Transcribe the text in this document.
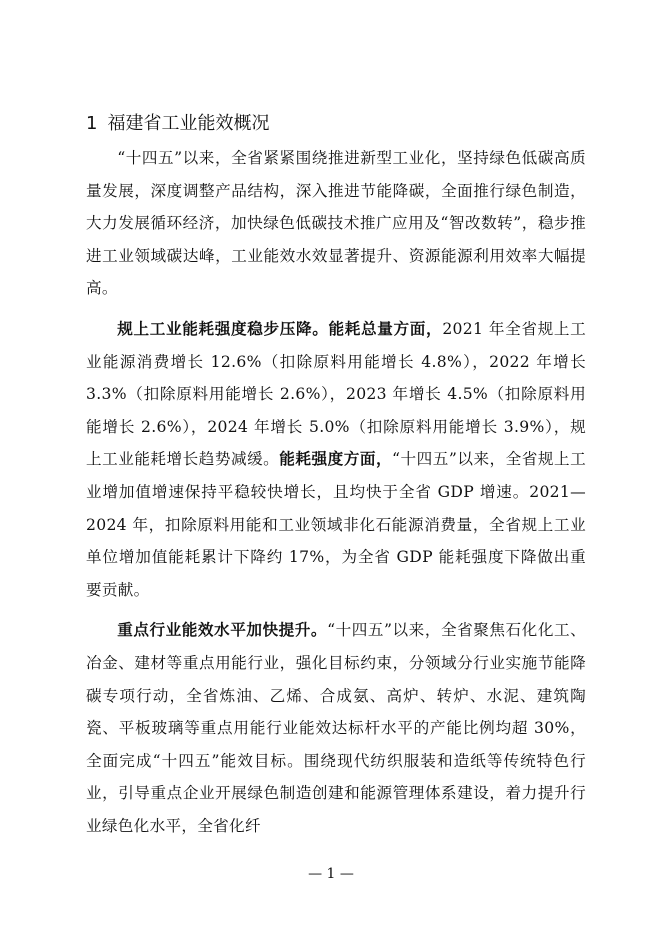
1 福建省工业能效概况

“十四五”以来，全省紧紧围绕推进新型工业化，坚持绿色低碳高质量发展，深度调整产品结构，深入推进节能降碳，全面推行绿色制造，大力发展循环经济，加快绿色低碳技术推广应用及“智改数转”，稳步推进工业领域碳达峰，工业能效水效显著提升、资源能源利用效率大幅提高。

规上工业能耗强度稳步压降。能耗总量方面，2021 年全省规上工业能源消费增长 12.6%（扣除原料用能增长 4.8%），2022 年增长 3.3%（扣除原料用能增长 2.6%），2023 年增长 4.5%（扣除原料用能增长 2.6%），2024 年增长 5.0%（扣除原料用能增长 3.9%），规上工业能耗增长趋势减缓。能耗强度方面，“十四五”以来，全省规上工业增加值增速保持平稳较快增长，且均快于全省 GDP 增速。2021—2024 年，扣除原料用能和工业领域非化石能源消费量，全省规上工业单位增加值能耗累计下降约 17%，为全省 GDP 能耗强度下降做出重要贡献。

重点行业能效水平加快提升。“十四五”以来，全省聚焦石化化工、冶金、建材等重点用能行业，强化目标约束，分领域分行业实施节能降碳专项行动，全省炼油、乙烯、合成氨、高炉、转炉、水泥、建筑陶瓷、平板玻璃等重点用能行业能效达标杆水平的产能比例均超 30%，全面完成“十四五”能效目标。围绕现代纺织服装和造纸等传统特色行业，引导重点企业开展绿色制造创建和能源管理体系建设，着力提升行业绿色化水平，全省化纤

— 1 —
